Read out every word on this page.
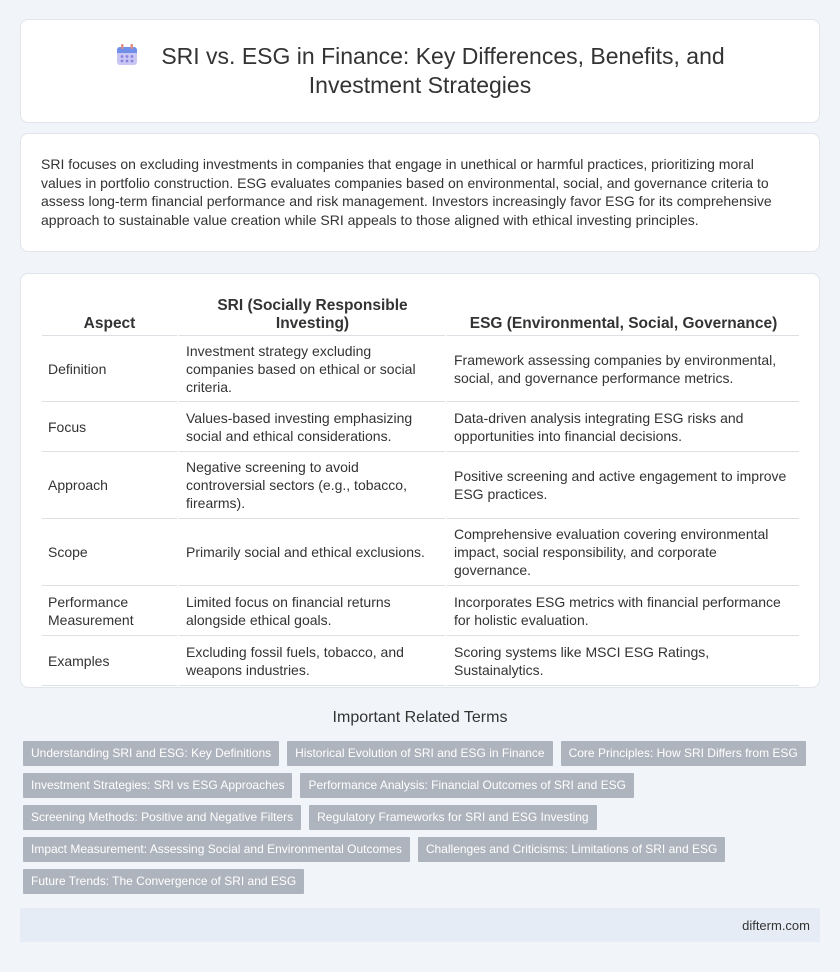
SRI vs. ESG in Finance: Key Differences, Benefits, and Investment Strategies

SRI focuses on excluding investments in companies that engage in unethical or harmful practices, prioritizing moral values in portfolio construction. ESG evaluates companies based on environmental, social, and governance criteria to assess long-term financial performance and risk management. Investors increasingly favor ESG for its comprehensive approach to sustainable value creation while SRI appeals to those aligned with ethical investing principles.

Aspect	SRI (Socially Responsible Investing)	ESG (Environmental, Social, Governance)
Definition	Investment strategy excluding companies based on ethical or social criteria.	Framework assessing companies by environmental, social, and governance performance metrics.
Focus	Values-based investing emphasizing social and ethical considerations.	Data-driven analysis integrating ESG risks and opportunities into financial decisions.
Approach	Negative screening to avoid controversial sectors (e.g., tobacco, firearms).	Positive screening and active engagement to improve ESG practices.
Scope	Primarily social and ethical exclusions.	Comprehensive evaluation covering environmental impact, social responsibility, and corporate governance.
Performance Measurement	Limited focus on financial returns alongside ethical goals.	Incorporates ESG metrics with financial performance for holistic evaluation.
Examples	Excluding fossil fuels, tobacco, and weapons industries.	Scoring systems like MSCI ESG Ratings, Sustainalytics.
Important Related Terms
Understanding SRI and ESG: Key Definitions	Historical Evolution of SRI and ESG in Finance	Core Principles: How SRI Differs from ESG
Investment Strategies: SRI vs ESG Approaches	Performance Analysis: Financial Outcomes of SRI and ESG
Screening Methods: Positive and Negative Filters	Regulatory Frameworks for SRI and ESG Investing
Impact Measurement: Assessing Social and Environmental Outcomes	Challenges and Criticisms: Limitations of SRI and ESG
Future Trends: The Convergence of SRI and ESG
difterm.com
